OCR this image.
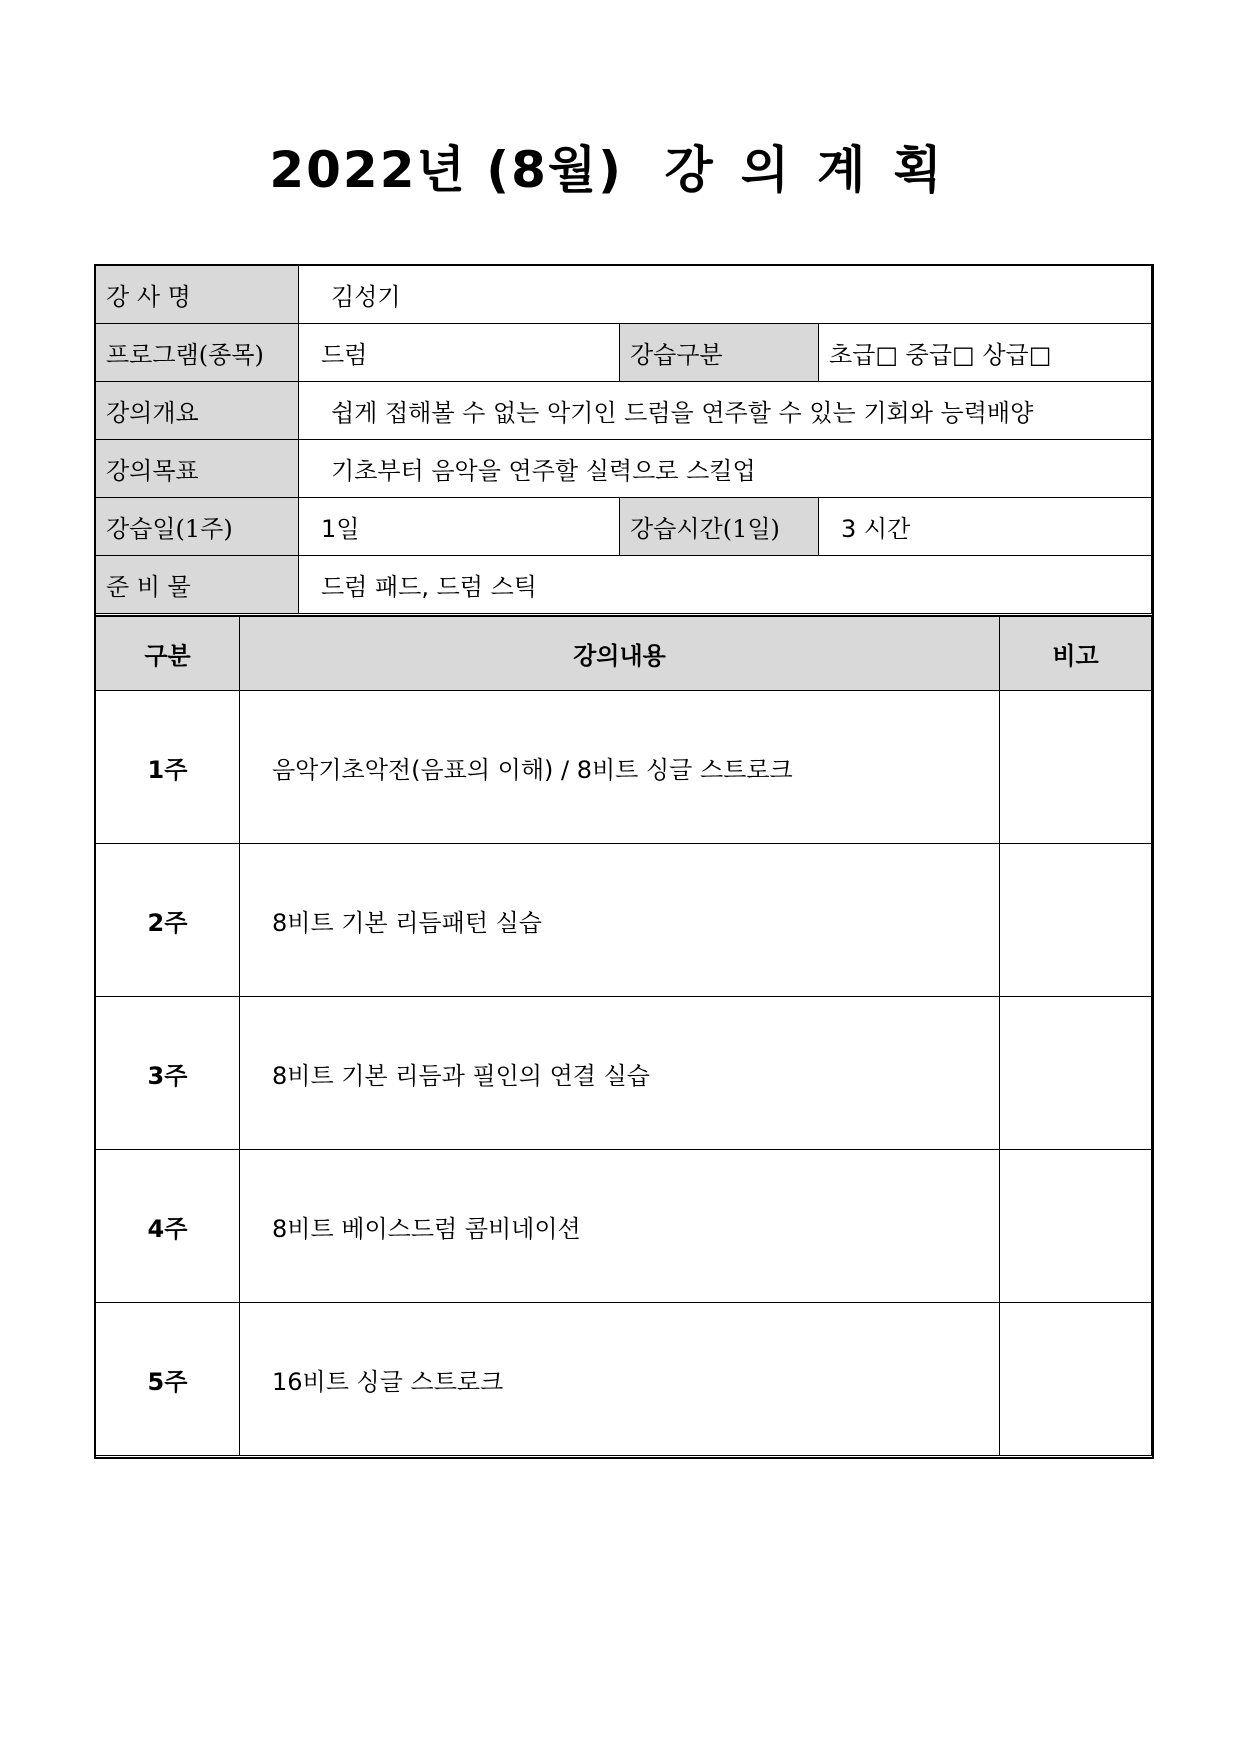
2022년 (8월) 강의계획
강 사 명	김성기		
프로그램(종목)	드럼	강습구분	초급□ 중급□ 상급□
강의개요	쉽게 접해볼 수 없는 악기인 드럼을 연주할 수 있는 기회와 능력배양		
강의목표	기초부터 음악을 연주할 실력으로 스킬업		
강습일(1주)	1일	강습시간(1일)	3 시간
준 비 물	드럼 패드, 드럼 스틱		
구분	강의내용	비고
1주	음악기초악전(음표의 이해) / 8비트 싱글 스트로크	
2주	8비트 기본 리듬패턴 실습	
3주	8비트 기본 리듬과 필인의 연결 실습	
4주	8비트 베이스드럼 콤비네이션	
5주	16비트 싱글 스트로크	
